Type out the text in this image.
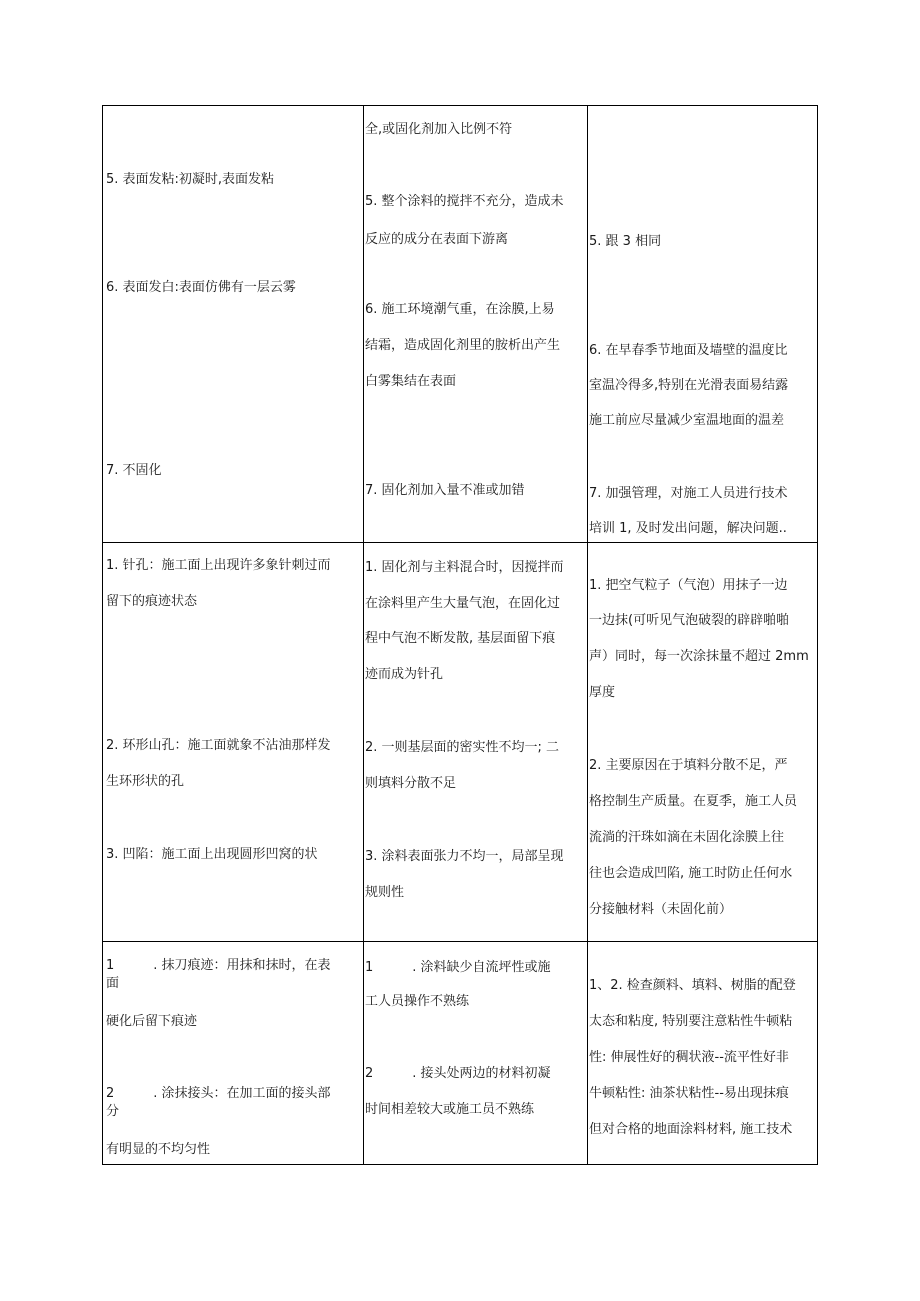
5. 表面发粘:初凝时,表面发粘
6. 表面发白:表面仿佛有一层云雾
7. 不固化
全,或固化剂加入比例不符
5. 整个涂料的搅拌不充分，造成未
反应的成分在表面下游离
6. 施工环境潮气重，在涂膜,上易
结霜，造成固化剂里的胺析出产生
白雾集结在表面
7. 固化剂加入量不准或加错
5. 跟 3 相同
6. 在早春季节地面及墙壁的温度比
室温冷得多,特别在光滑表面易结露
施工前应尽量减少室温地面的温差
7. 加强管理，对施工人员进行技术
培训 1, 及时发出问题，解决问题..
1. 针孔：施工面上出现许多象针刺过而
留下的痕迹状态
2. 环形山孔：施工面就象不沾油那样发
生环形状的孔
3. 凹陷：施工面上出现圆形凹窝的状
1. 固化剂与主料混合时，因搅拌而
在涂料里产生大量气泡，在固化过
程中气泡不断发散, 基层面留下痕
迹而成为针孔
2. 一则基层面的密实性不均一; 二
则填料分散不足
3. 涂料表面张力不均一，局部呈现
规则性
1. 把空气粒子（气泡）用抹子一边
一边抹(可听见气泡破裂的辟辟啪啪
声）同时，每一次涂抹量不超过 2mm
厚度
2. 主要原因在于填料分散不足，严
格控制生产质量。在夏季，施工人员
流淌的汗珠如滴在未固化涂膜上往
往也会造成凹陷, 施工时防止任何水
分接触材料（未固化前）
1　　　. 抹刀痕迹：用抹和抹时，在表
面
硬化后留下痕迹
2　　　. 涂抹接头：在加工面的接头部
分
有明显的不均匀性
1　　　. 涂料缺少自流坪性或施
工人员操作不熟练
2　　　. 接头处两边的材料初凝
时间相差较大或施工员不熟练
1、2. 检查颜料、填料、树脂的配登
太态和粘度, 特别要注意粘性牛顿粘
性: 伸展性好的稠状液--流平性好非
牛顿粘性: 油茶状粘性--易出现抹痕
但对合格的地面涂料材料, 施工技术
